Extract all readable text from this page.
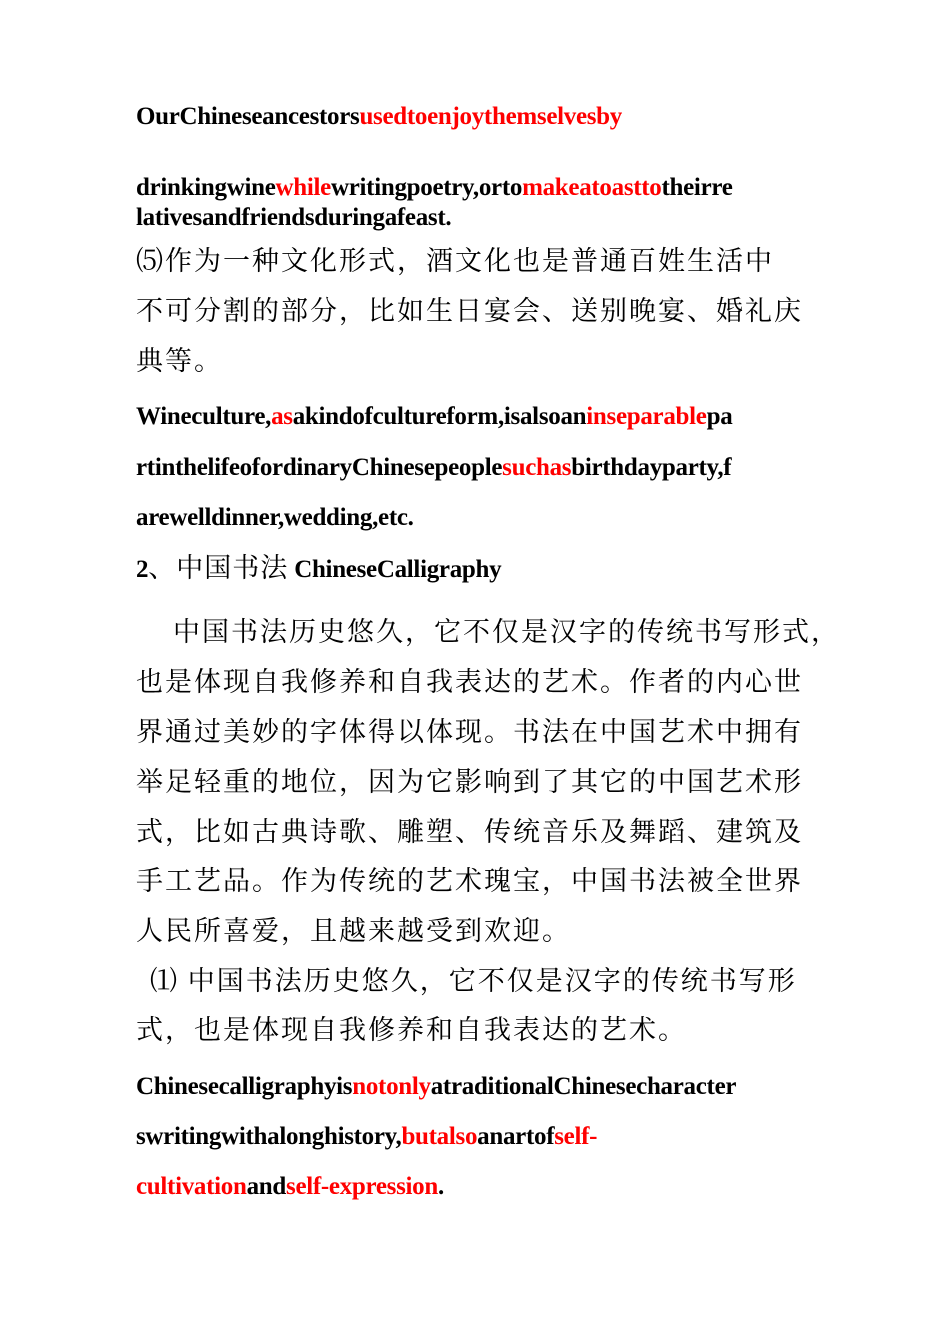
OurChineseancestorsusedtoenjoythemselvesby
drinkingwinewhilewritingpoetry,ortomakeatoasttotheirre
lativesandfriendsduringafeast.
⑸作为一种文化形式，酒文化也是普通百姓生活中
不可分割的部分，比如生日宴会、送别晚宴、婚礼庆
典等。
Wineculture,asakindofcultureform,isalsoaninseparablepa
rtinthelifeofordinaryChinesepeoplesuchasbirthdayparty,f
arewelldinner,wedding,etc.
2、中国书法 ChineseCalligraphy
中国书法历史悠久，它不仅是汉字的传统书写形式，
也是体现自我修养和自我表达的艺术。作者的内心世
界通过美妙的字体得以体现。书法在中国艺术中拥有
举足轻重的地位，因为它影响到了其它的中国艺术形
式，比如古典诗歌、雕塑、传统音乐及舞蹈、建筑及
手工艺品。作为传统的艺术瑰宝，中国书法被全世界
人民所喜爱，且越来越受到欢迎。
⑴ 中国书法历史悠久，它不仅是汉字的传统书写形
式，也是体现自我修养和自我表达的艺术。
ChinesecalligraphyisnotonlyatraditionalChinesecharacter
swritingwithalonghistory,butalsoanartofself-
cultivationandself-expression.
